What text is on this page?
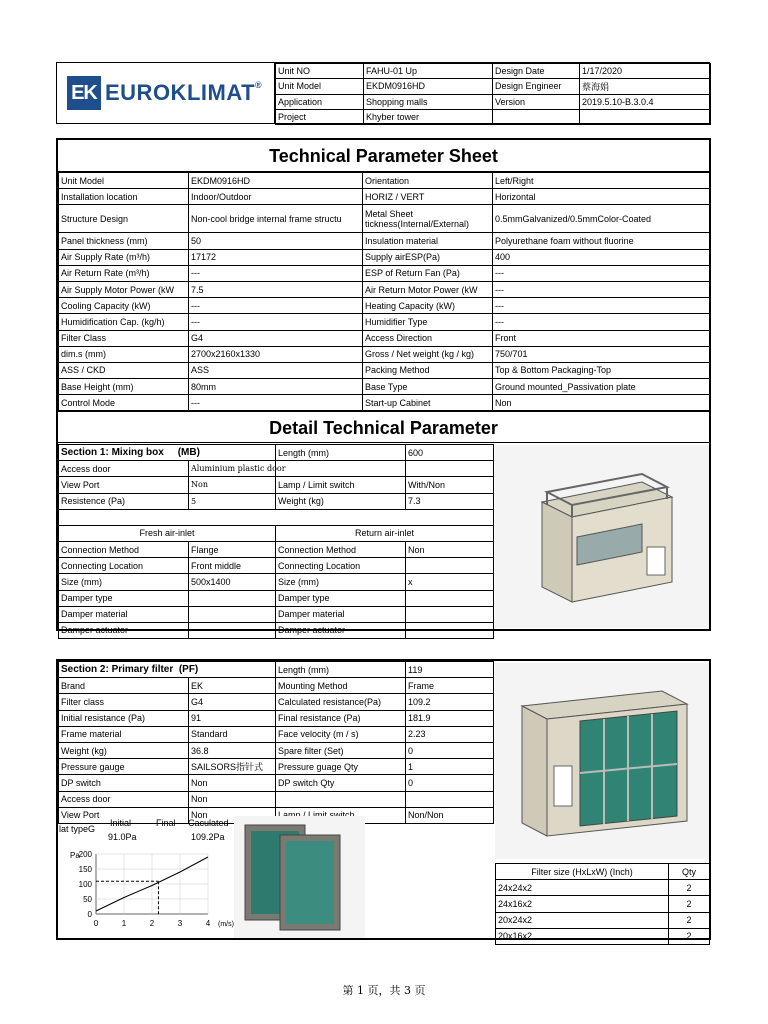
EK EUROKLIMAT®
Unit NO	FAHU-01 Up	Design Date	1/17/2020
Unit Model	EKDM0916HD	Design Engineer	蔡海娟
Application	Shopping malls	Version	2019.5.10-B.3.0.4
Project	Khyber tower		
Technical Parameter Sheet
Unit Model	EKDM0916HD	Orientation	Left/Right
Installation location	Indoor/Outdoor	HORIZ / VERT	Horizontal
Structure Design	Non-cool bridge internal frame structu	Metal Sheet tickness(Internal/External)	0.5mmGalvanized/0.5mmColor-Coated
Panel thickness (mm)	50	Insulation material	Polyurethane foam without fluorine
Air Supply Rate (m³/h)	17172	Supply airESP(Pa)	400
Air Return Rate (m³/h)	---	ESP of Return Fan (Pa)	---
Air Supply Motor Power (kW	7.5	Air Return Motor Power (kW	---
Cooling Capacity (kW)	---	Heating Capacity (kW)	---
Humidification Cap. (kg/h)	---	Humidifier Type	---
Filter Class	G4	Access Direction	Front
dim.s (mm)	2700x2160x1330	Gross / Net weight (kg / kg)	750/701
ASS / CKD	ASS	Packing Method	Top & Bottom Packaging-Top
Base Height (mm)	80mm	Base Type	Ground mounted_Passivation plate
Control Mode	---	Start-up Cabinet	Non
Detail Technical Parameter
Section 1: Mixing box (MB)		Length (mm)	600
Access door	Aluminium plastic door		
View Port	Non	Lamp / Limit switch	With/Non
Resistence (Pa)	5	Weight (kg)	7.3

Fresh air-inlet		Return air-inlet	
Connection Method	Flange	Connection Method	Non
Connecting Location	Front middle	Connecting Location	
Size (mm)	500x1400	Size (mm)	x
Damper type		Damper type	
Damper material		Damper material	
Damper actuator		Damper actuator	
Section 2: Primary filter (PF)		Length (mm)	119
Brand	EK	Mounting Method	Frame
Filter class	G4	Calculated resistance(Pa)	109.2
Initial resistance (Pa)	91	Final resistance (Pa)	181.9
Frame material	Standard	Face velocity (m / s)	2.23
Weight (kg)	36.8	Spare filter (Set)	0
Pressure gauge	SAILSORS指针式	Pressure guage Qty	1
DP switch	Non	DP switch Qty	0
Access door	Non		
View Port	Non		Non/Non
lat typeG
Initial	Final Caculated
91.0Pa	109.2Pa
0
50
100
150
200
0	1	2	3	4
Pa
(m/s)
Filter size (HxLxW) (Inch)	Qty
24x24x2	2
24x16x2	2
20x24x2	2
20x16x2	2
第 1 页，共 3 页
